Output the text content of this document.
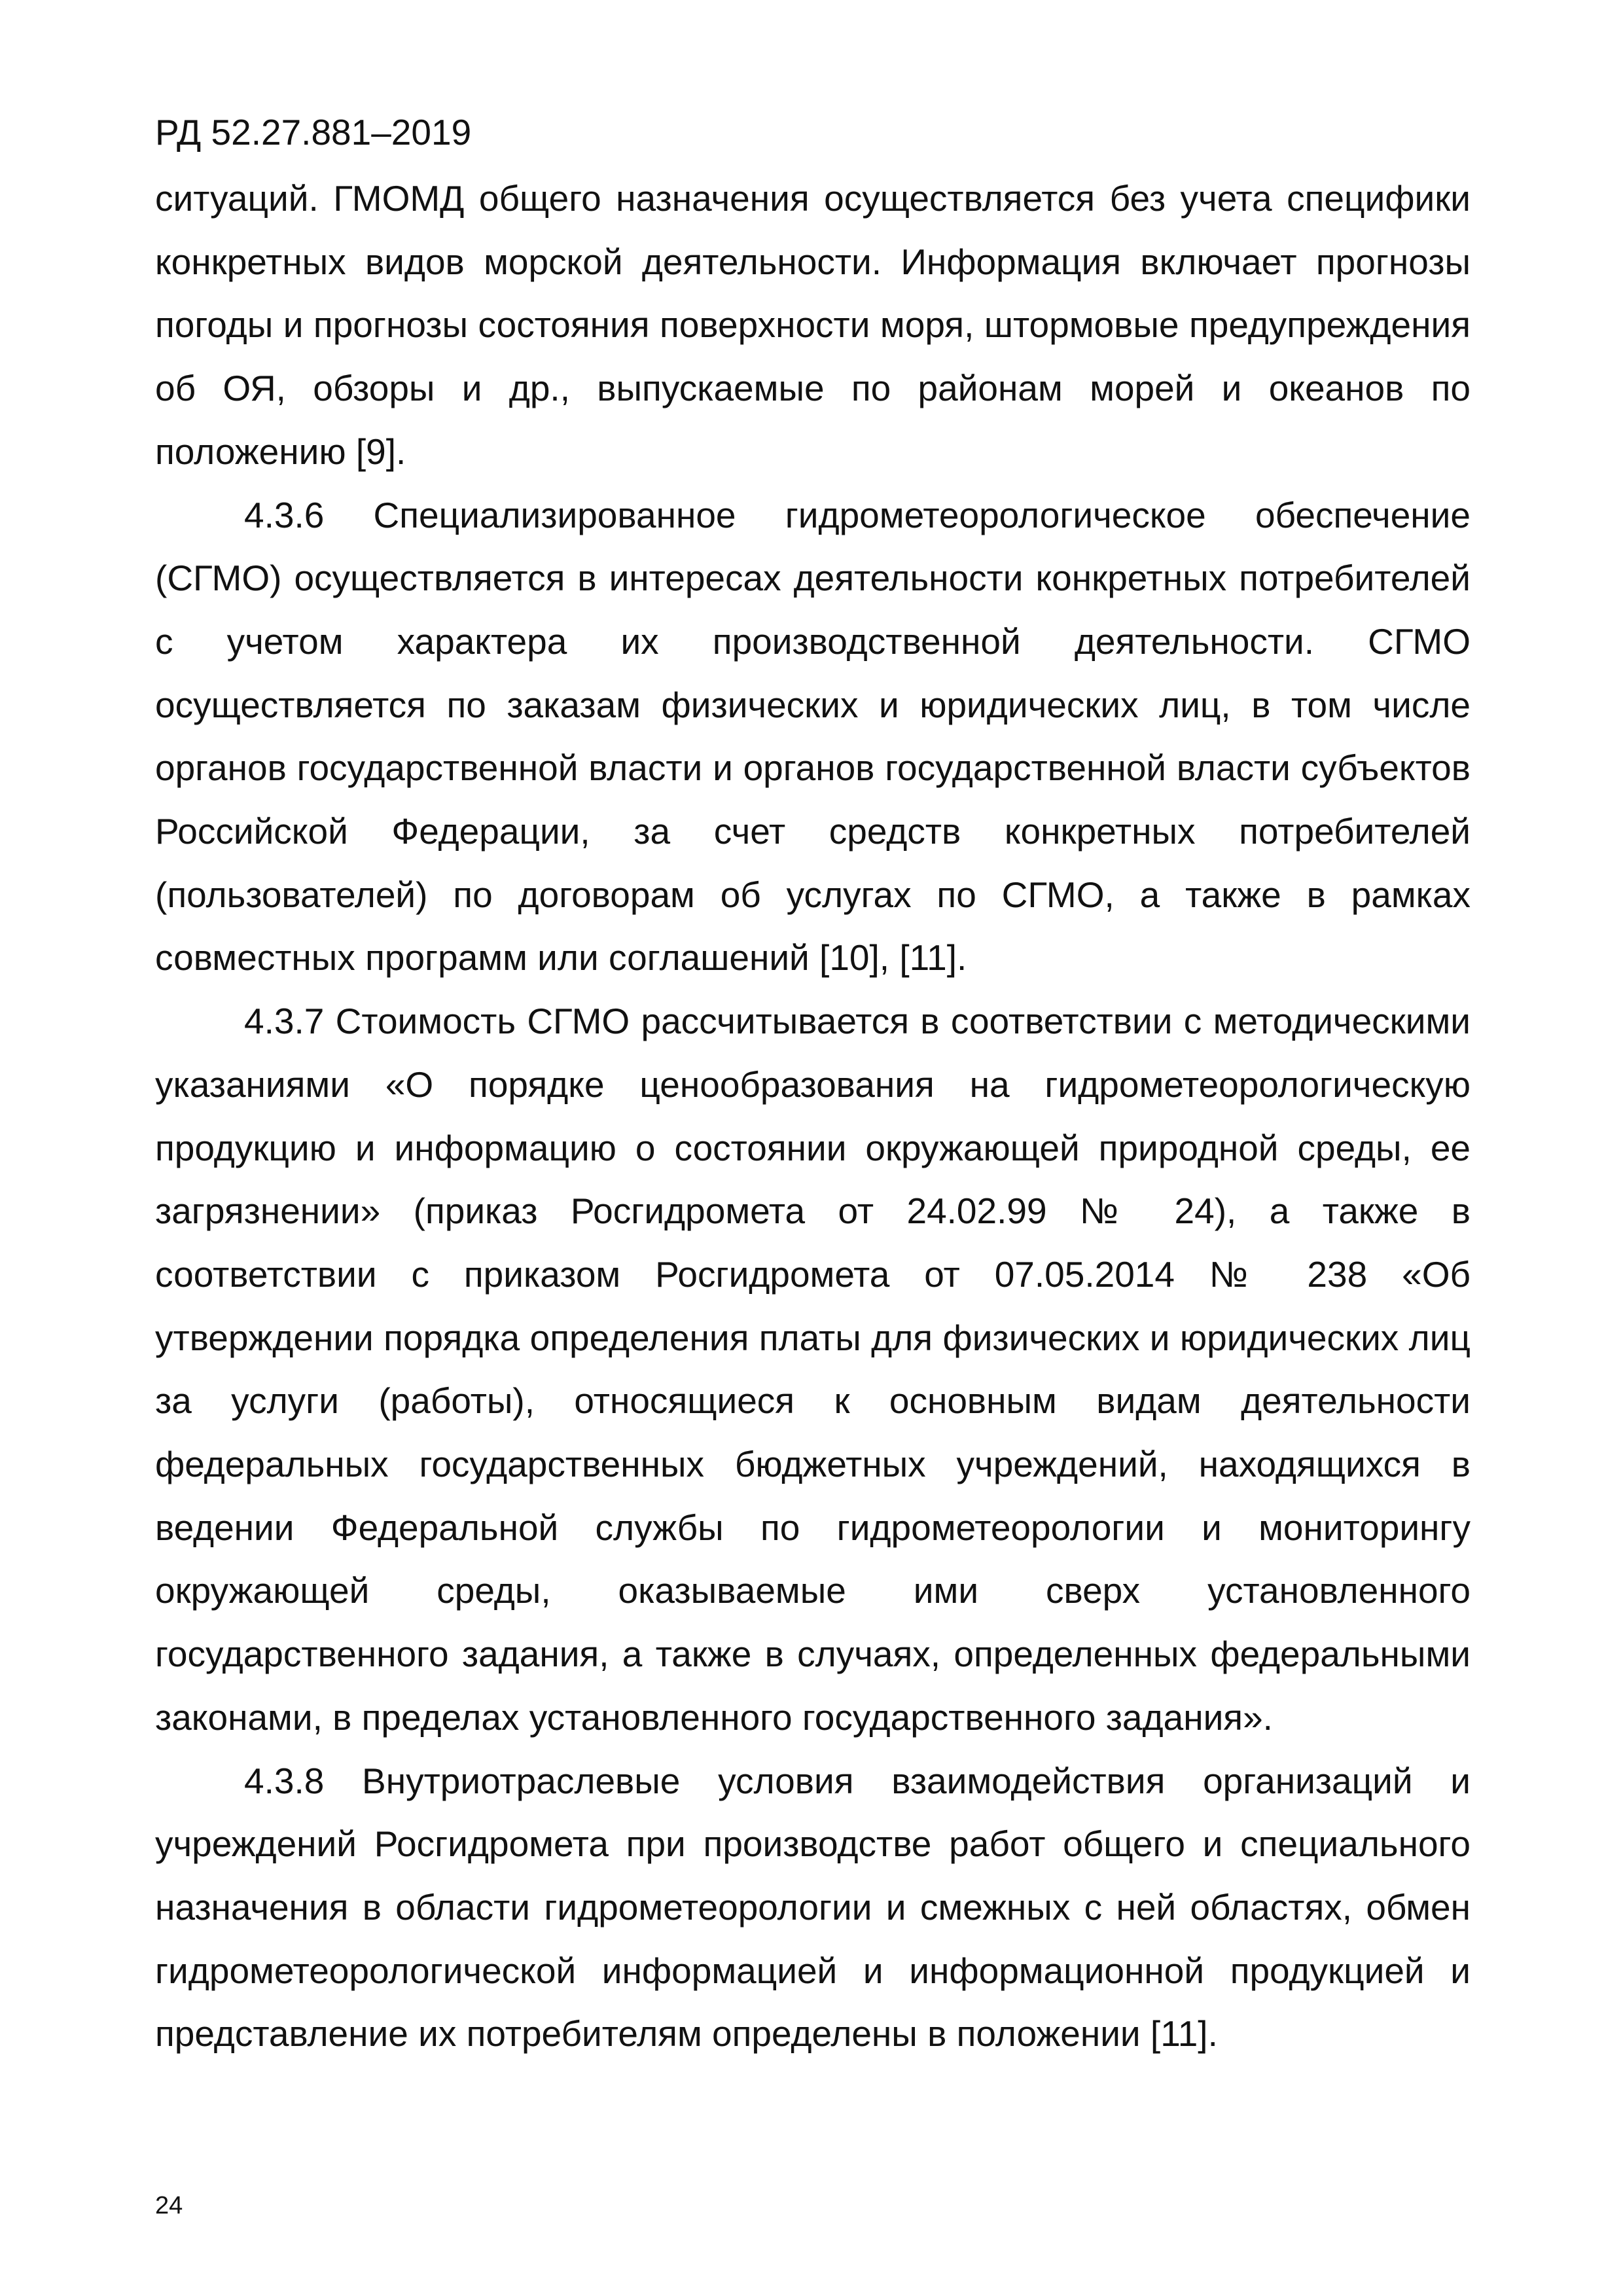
РД 52.27.881–2019

ситуаций. ГМОМД общего назначения осуществляется без учета специфики конкретных видов морской деятельности. Информация включает прогнозы погоды и прогнозы состояния поверхности моря, штормовые предупреждения об ОЯ, обзоры и др., выпускаемые по районам морей и океанов по положению [9].

4.3.6 Специализированное гидрометеорологическое обеспечение (СГМО) осуществляется в интересах деятельности конкретных потребителей с учетом характера их производственной деятельности. СГМО осуществляется по заказам физических и юридических лиц, в том числе органов государственной власти и органов государственной власти субъектов Российской Федерации, за счет средств конкретных потребителей (пользователей) по договорам об услугах по СГМО, а также в рамках совместных программ или соглашений [10], [11].

4.3.7 Стоимость СГМО рассчитывается в соответствии с методическими указаниями «О порядке ценообразования на гидрометеорологическую продукцию и информацию о состоянии окружающей природной среды, ее загрязнении» (приказ Росгидромета от 24.02.99 № 24), а также в соответствии с приказом Росгидромета от 07.05.2014 № 238 «Об утверждении порядка определения платы для физических и юридических лиц за услуги (работы), относящиеся к основным видам деятельности федеральных государственных бюджетных учреждений, находящихся в ведении Федеральной службы по гидрометеорологии и мониторингу окружающей среды, оказываемые ими сверх установленного государственного задания, а также в случаях, определенных федеральными законами, в пределах установленного государственного задания».

4.3.8 Внутриотраслевые условия взаимодействия организаций и учреждений Росгидромета при производстве работ общего и специального назначения в области гидрометеорологии и смежных с ней областях, обмен гидрометеорологической информацией и информационной продукцией и представление их потребителям определены в положении [11].

24
